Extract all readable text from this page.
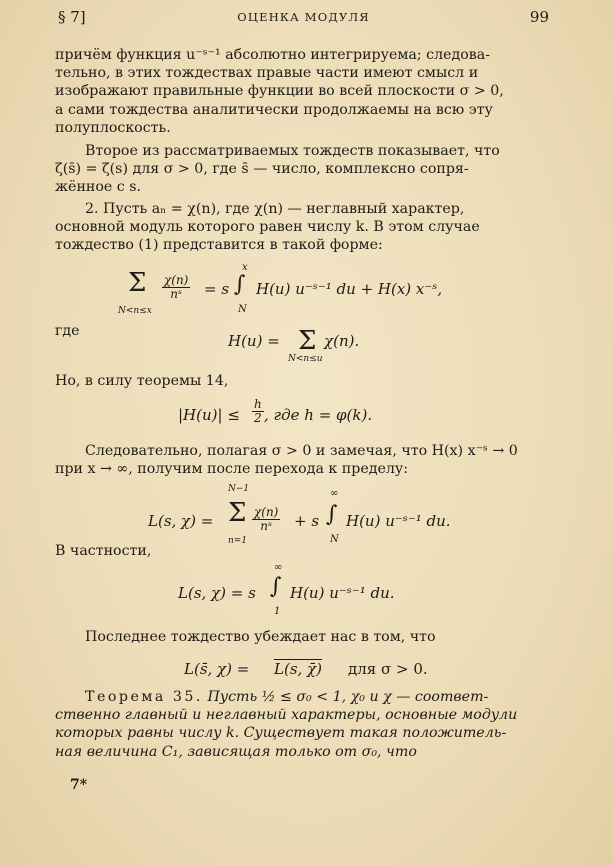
§ 7]	ОЦЕНКА МОДУЛЯ	99
причём функция u⁻ˢ⁻¹ абсолютно интегрируема; следова-
тельно, в этих тождествах правые части имеют смысл и
изображают правильные функции во всей плоскости σ > 0,
а сами тождества аналитически продолжаемы на всю эту
полуплоскость.
Второе из рассматриваемых тождеств показывает, что
ζ(s̄) = ζ̄(s) для σ > 0, где s̄ — число, комплексно сопря-
жённое с s.
2. Пусть aₙ = χ(n), где χ(n) — неглавный характер,
основной модуль которого равен числу k. В этом случае
тождество (1) представится в такой форме:
Σ
N<n≤x
$\frac{\chi(n)}{\text{nˢ}} = s$
x
∫
N
H(u) u⁻ˢ⁻¹ du + H(x) x⁻ˢ,
где
H(u) = Σ
N<n≤u
χ(n).
Но, в силу теоремы 14,
$|H(u)| \le \frac{h}{2}$ , где h = φ(k).
Следовательно, полагая σ > 0 и замечая, что H(x) x⁻ˢ → 0
при x → ∞, получим после перехода к пределу:
L(s, χ) =
N−1
Σ
n=1
$\frac{\chi(n)}{\text{nˢ}} + s$
∞
∫
N
H(u) u⁻ˢ⁻¹ du.
В частности,
L(s, χ) = s
∞
∫
1
H(u) u⁻ˢ⁻¹ du.
Последнее тождество убеждает нас в том, что
L(s̄, χ) = L(s, χ̄) для σ > 0.
Теорема 35. Пусть ½ ≤ σ₀ < 1, χ₀ и χ — соответ-
ственно главный и неглавный характеры, основные модули
которых равны числу k. Существует такая положитель-
ная величина C₁, зависящая только от σ₀, что
7*
